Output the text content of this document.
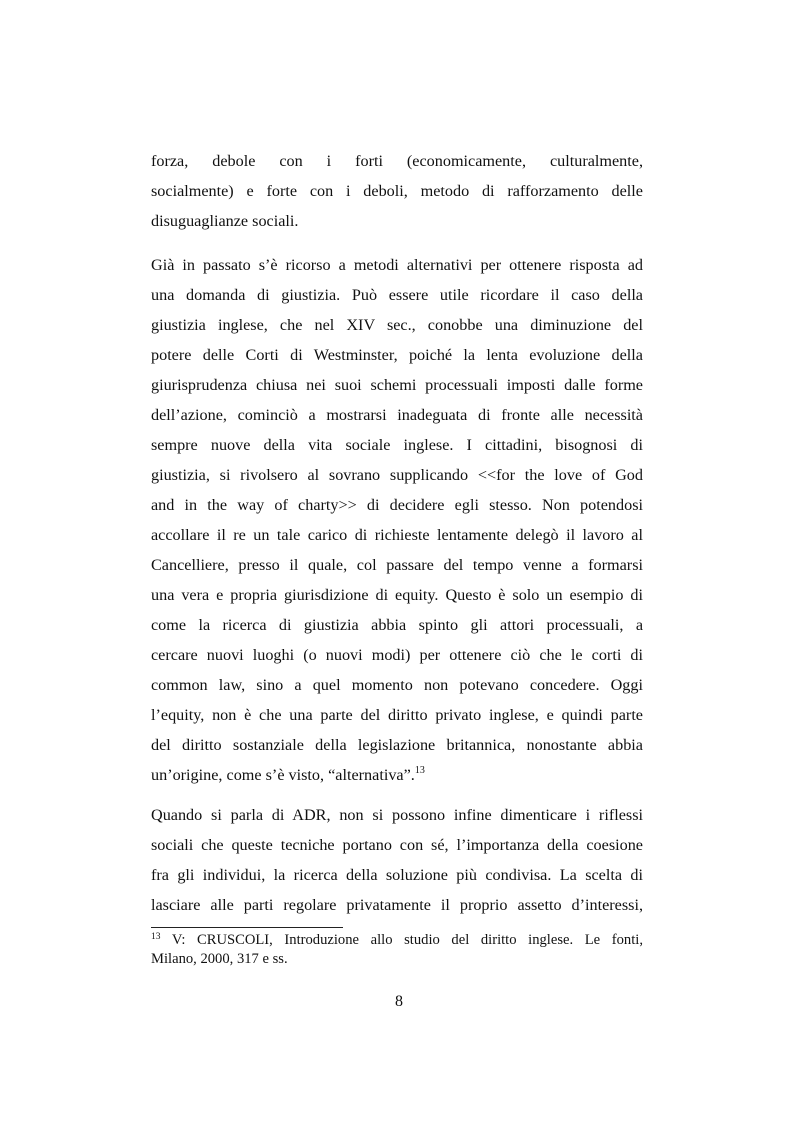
forza, debole con i forti (economicamente, culturalmente,
socialmente) e forte con i deboli, metodo di rafforzamento delle
disuguaglianze sociali.
Già in passato s’è ricorso a metodi alternativi per ottenere risposta ad
una domanda di giustizia. Può essere utile ricordare il caso della
giustizia inglese, che nel XIV sec., conobbe una diminuzione del
potere delle Corti di Westminster, poiché la lenta evoluzione della
giurisprudenza chiusa nei suoi schemi processuali imposti dalle forme
dell’azione, cominciò a mostrarsi inadeguata di fronte alle necessità
sempre nuove della vita sociale inglese. I cittadini, bisognosi di
giustizia, si rivolsero al sovrano supplicando <<for the love of God
and in the way of charty>> di decidere egli stesso. Non potendosi
accollare il re un tale carico di richieste lentamente delegò il lavoro al
Cancelliere, presso il quale, col passare del tempo venne a formarsi
una vera e propria giurisdizione di equity. Questo è solo un esempio di
come la ricerca di giustizia abbia spinto gli attori processuali, a
cercare nuovi luoghi (o nuovi modi) per ottenere ciò che le corti di
common law, sino a quel momento non potevano concedere. Oggi
l’equity, non è che una parte del diritto privato inglese, e quindi parte
del diritto sostanziale della legislazione britannica, nonostante abbia
un’origine, come s’è visto, “alternativa”.$^{13}$
Quando si parla di ADR, non si possono infine dimenticare i riflessi
sociali che queste tecniche portano con sé, l’importanza della coesione
fra gli individui, la ricerca della soluzione più condivisa. La scelta di
lasciare alle parti regolare privatamente il proprio assetto d’interessi,
$^{13}$ V: CRUSCOLI, Introduzione allo studio del diritto inglese. Le fonti,
Milano, 2000, 317 e ss.
8
